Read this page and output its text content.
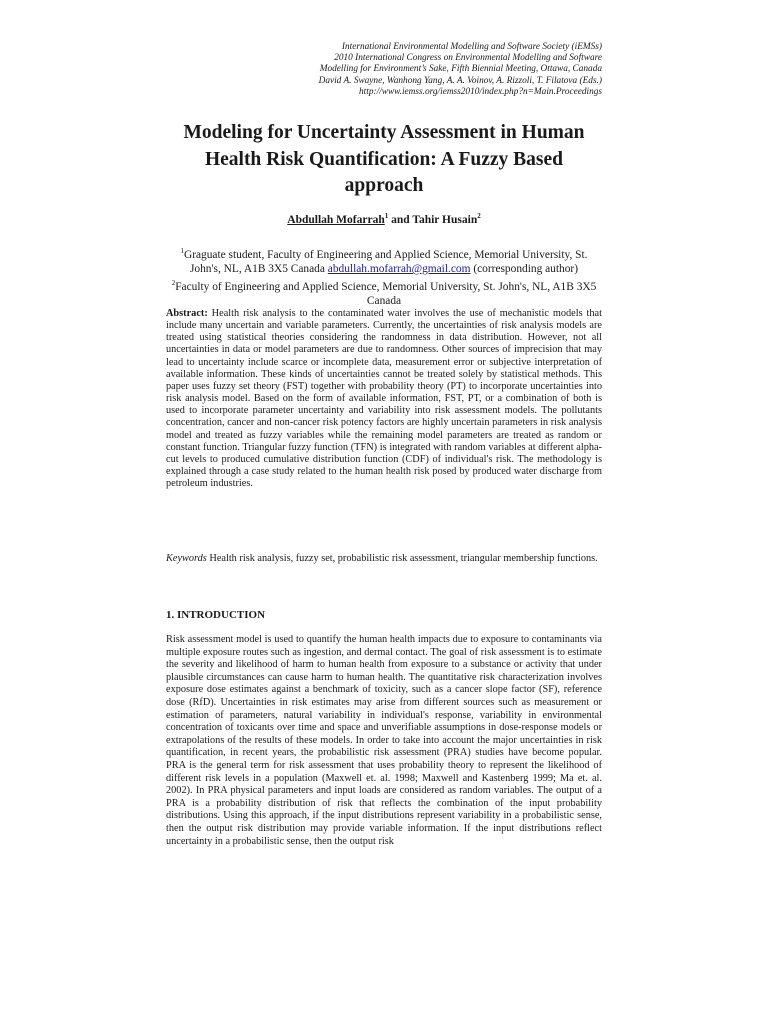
International Environmental Modelling and Software Society (iEMSs)
2010 International Congress on Environmental Modelling and Software
Modelling for Environment’s Sake, Fifth Biennial Meeting, Ottawa, Canada
David A. Swayne, Wanhong Yang, A. A. Voinov, A. Rizzoli, T. Filatova (Eds.)
http://www.iemss.org/iemss2010/index.php?n=Main.Proceedings
Modeling for Uncertainty Assessment in Human Health Risk Quantification: A Fuzzy Based approach
Abdullah Mofarrah$^1$ and Tahir Husain$^2$
$^1$Graguate student, Faculty of Engineering and Applied Science, Memorial University, St. John's, NL, A1B 3X5 Canada abdullah.mofarrah@gmail.com (corresponding author)
$^2$Faculty of Engineering and Applied Science, Memorial University, St. John's, NL, A1B 3X5 Canada
Abstract: Health risk analysis to the contaminated water involves the use of mechanistic models that include many uncertain and variable parameters. Currently, the uncertainties of risk analysis models are treated using statistical theories considering the randomness in data distribution. However, not all uncertainties in data or model parameters are due to randomness. Other sources of imprecision that may lead to uncertainty include scarce or incomplete data, measurement error or subjective interpretation of available information. These kinds of uncertainties cannot be treated solely by statistical methods. This paper uses fuzzy set theory (FST) together with probability theory (PT) to incorporate uncertainties into risk analysis model. Based on the form of available information, FST, PT, or a combination of both is used to incorporate parameter uncertainty and variability into risk assessment models. The pollutants concentration, cancer and non-cancer risk potency factors are highly uncertain parameters in risk analysis model and treated as fuzzy variables while the remaining model parameters are treated as random or constant function. Triangular fuzzy function (TFN) is integrated with random variables at different alpha-cut levels to produced cumulative distribution function (CDF) of individual's risk. The methodology is explained through a case study related to the human health risk posed by produced water discharge from petroleum industries.
Keywords Health risk analysis, fuzzy set, probabilistic risk assessment, triangular membership functions.
1. INTRODUCTION
Risk assessment model is used to quantify the human health impacts due to exposure to contaminants via multiple exposure routes such as ingestion, and dermal contact. The goal of risk assessment is to estimate the severity and likelihood of harm to human health from exposure to a substance or activity that under plausible circumstances can cause harm to human health. The quantitative risk characterization involves exposure dose estimates against a benchmark of toxicity, such as a cancer slope factor (SF), reference dose (RfD). Uncertainties in risk estimates may arise from different sources such as measurement or estimation of parameters, natural variability in individual's response, variability in environmental concentration of toxicants over time and space and unverifiable assumptions in dose-response models or extrapolations of the results of these models. In order to take into account the major uncertainties in risk quantification, in recent years, the probabilistic risk assessment (PRA) studies have become popular. PRA is the general term for risk assessment that uses probability theory to represent the likelihood of different risk levels in a population (Maxwell et. al. 1998; Maxwell and Kastenberg 1999; Ma et. al. 2002). In PRA physical parameters and input loads are considered as random variables. The output of a PRA is a probability distribution of risk that reflects the combination of the input probability distributions. Using this approach, if the input distributions represent variability in a probabilistic sense, then the output risk distribution may provide variable information. If the input distributions reflect uncertainty in a probabilistic sense, then the output risk
